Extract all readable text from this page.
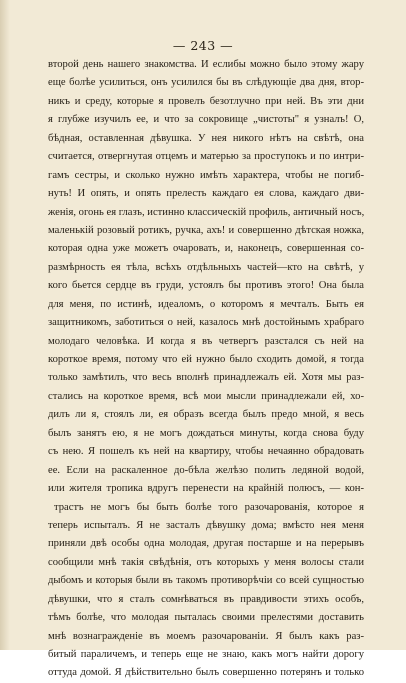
— 243 —
второй день нашего знакомства. И еслибы можно было этому жару
еще болѣе усилиться, онъ усилился бы въ слѣдующіе два дня, втор-
никъ и среду, которые я провелъ безотлучно при ней. Въ эти дни
я глубже изучилъ ее, и что за сокровище „чистоты" я узналъ! О,
бѣдная, оставленная дѣвушка. У нея никого нѣтъ на свѣтѣ, она
считается, отвергнутая отцемъ и матерью за проступокъ и по интри-
гамъ сестры, и сколько нужно имѣть характера, чтобы не погиб-
нуть! И опять, и опять прелесть каждаго ея слова, каждаго дви-
женія, огонь ея глазъ, истинно классическій профиль, античный носъ,
маленькій розовый ротикъ, ручка, ахъ! и совершенно дѣтская ножка,
которая одна уже можетъ очаровать, и, наконецъ, совершенная со-
размѣрность ея тѣла, всѣхъ отдѣльныхъ частей—кто на свѣтѣ, у
кого бьется сердце въ груди, устоялъ бы противъ этого! Она была
для меня, по истинѣ, идеаломъ, о которомъ я мечталъ. Быть ея
защитникомъ, заботиться о ней, казалось мнѣ достойнымъ храбраго
молодаго человѣка. И когда я въ четвергъ разстался съ ней на
короткое время, потому что ей нужно было сходить домой, я тогда
только замѣтилъ, что весь вполнѣ принадлежалъ ей. Хотя мы раз-
стались на короткое время, всѣ мои мысли принадлежали ей, хо-
дилъ ли я, стоялъ ли, ея образъ всегда былъ предо мной, я весь
былъ занятъ ею, я не могъ дождаться минуты, когда снова буду
съ нею. Я пошелъ къ ней на квартиру, чтобы нечаянно обрадовать
ее. Если на раскаленное до-бѣла желѣзо полить ледяной водой,
или жителя тропика вдругъ перенести на крайній полюсъ, — кон-
трастъ не могъ бы быть болѣе того разочарованія, которое я
теперь испыталъ. Я не засталъ дѣвушку дома; вмѣсто нея меня
приняли двѣ особы одна молодая, другая постарше и на перерывъ
сообщили мнѣ такія свѣдѣнія, отъ которыхъ у меня волосы стали
дыбомъ и которыя были въ такомъ противорѣчіи со всей сущностью
дѣвушки, что я сталъ сомнѣваться въ правдивости этихъ особъ,
тѣмъ болѣе, что молодая пыталась своими прелестями доставить
мнѣ вознагражденіе въ моемъ разочарованіи. Я былъ какъ раз-
битый параличемъ, и теперь еще не знаю, какъ могъ найти дорогу
оттуда домой. Я дѣйствительно былъ совершенно потерянъ и только
